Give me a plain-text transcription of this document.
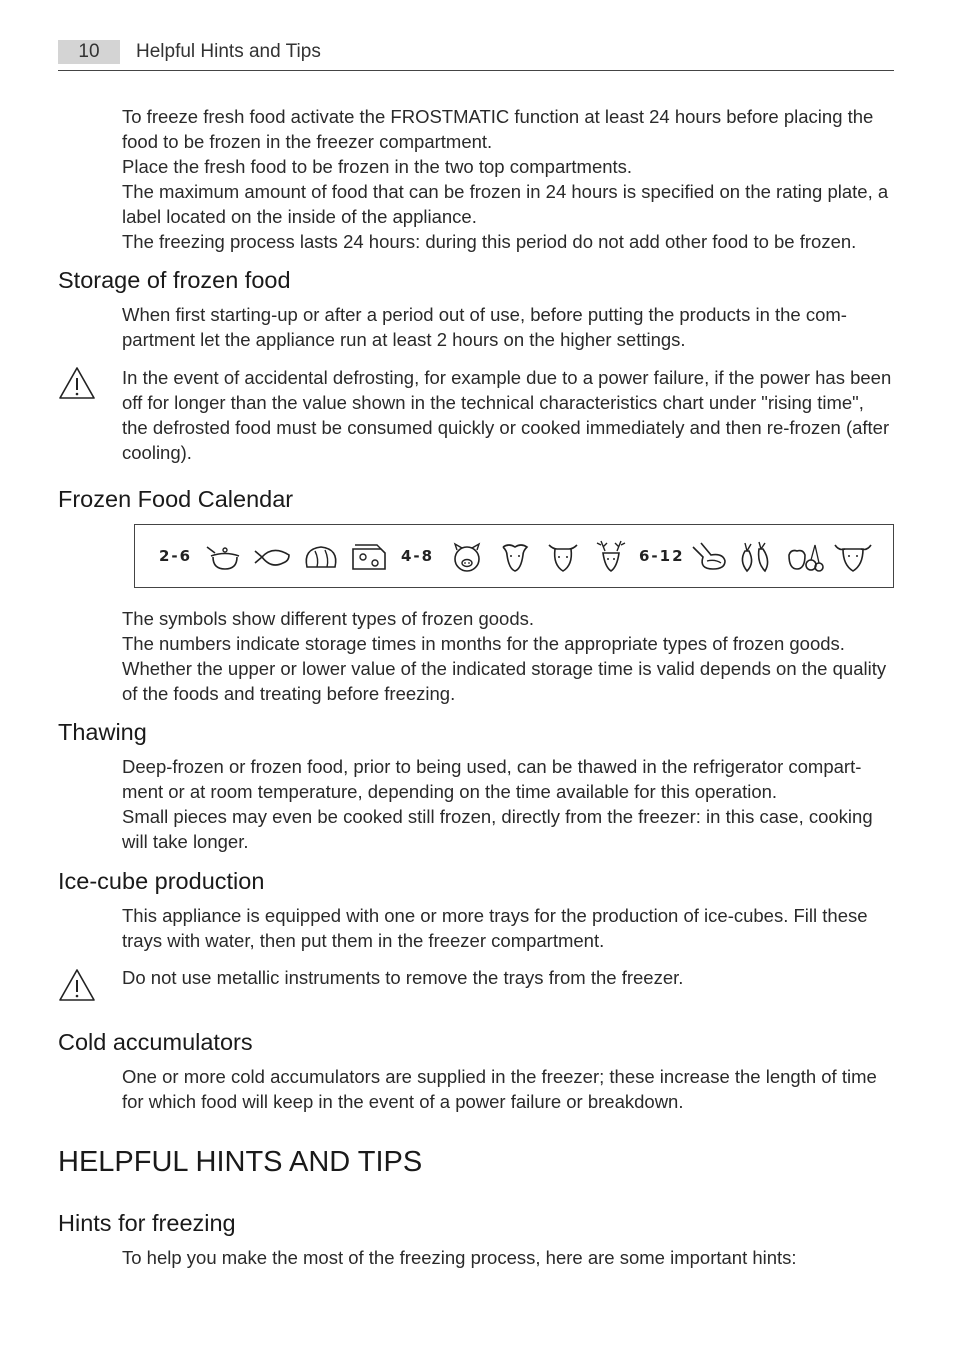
10	Helpful Hints and Tips

To freeze fresh food activate the FROSTMATIC function at least 24 hours before placing the food to be frozen in the freezer compartment.

Place the fresh food to be frozen in the two top compartments.

The maximum amount of food that can be frozen in 24 hours is specified on the rating plate, a label located on the inside of the appliance.

The freezing process lasts 24 hours: during this period do not add other food to be frozen.

Storage of frozen food

When first starting-up or after a period out of use, before putting the products in the com-partment let the appliance run at least 2 hours on the higher settings.

In the event of accidental defrosting, for example due to a power failure, if the power has been off for longer than the value shown in the technical characteristics chart under "rising time", the defrosted food must be consumed quickly or cooked immediately and then re-frozen (after cooling).

Frozen Food Calendar
2-6	4-8	6-12

The symbols show different types of frozen goods.

The numbers indicate storage times in months for the appropriate types of frozen goods.

Whether the upper or lower value of the indicated storage time is valid depends on the quality of the foods and treating before freezing.

Thawing

Deep-frozen or frozen food, prior to being used, can be thawed in the refrigerator compart-ment or at room temperature, depending on the time available for this operation.

Small pieces may even be cooked still frozen, directly from the freezer: in this case, cooking will take longer.

Ice-cube production

This appliance is equipped with one or more trays for the production of ice-cubes. Fill these trays with water, then put them in the freezer compartment.

Do not use metallic instruments to remove the trays from the freezer.

Cold accumulators

One or more cold accumulators are supplied in the freezer; these increase the length of time for which food will keep in the event of a power failure or breakdown.

HELPFUL HINTS AND TIPS
Hints for freezing

To help you make the most of the freezing process, here are some important hints:
